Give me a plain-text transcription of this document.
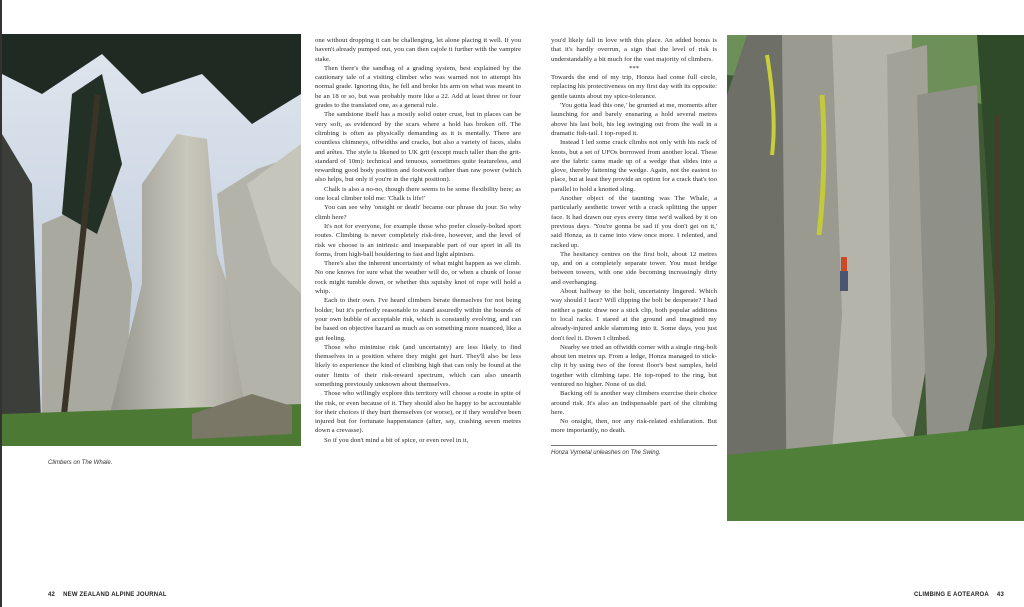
Climbers on The Whale.

one without dropping it can be challenging, let alone placing it well. If you haven't already pumped out, you can then cajole it further with the vampire stake.

Then there's the sandbag of a grading system, best explained by the cautionary tale of a visiting climber who was warned not to attempt his normal grade. Ignoring this, he fell and broke his arm on what was meant to be an 18 or so, but was probably more like a 22. Add at least three or four grades to the translated one, as a general rule.

The sandstone itself has a mostly solid outer crust, but in places can be very soft, as evidenced by the scars where a hold has broken off. The climbing is often as physically demanding as it is mentally. There are countless chimneys, offwidths and cracks, but also a variety of faces, slabs and arêtes. The style is likened to UK grit (except much taller than the grit-standard of 10m): technical and tenuous, sometimes quite featureless, and rewarding good body position and footwork rather than raw power (which also helps, but only if you're in the right position).

Chalk is also a no-no, though there seems to be some flexibility here; as one local climber told me: 'Chalk is life!'

You can see why 'onsight or death' became our phrase du jour. So why climb here?

It's not for everyone, for example those who prefer closely-bolted sport routes. Climbing is never completely risk-free, however, and the level of risk we choose is an intrinsic and inseparable part of our sport in all its forms, from high-ball bouldering to fast and light alpinism.

There's also the inherent uncertainty of what might happen as we climb. No one knows for sure what the weather will do, or when a chunk of loose rock might tumble down, or whether this squishy knot of rope will hold a whip.

Each to their own. I've heard climbers berate themselves for not being bolder, but it's perfectly reasonable to stand assuredly within the bounds of your own bubble of acceptable risk, which is constantly evolving, and can be based on objective hazard as much as on something more nuanced, like a gut feeling.

Those who minimise risk (and uncertainty) are less likely to find themselves in a position where they might get hurt. They'll also be less likely to experience the kind of climbing high that can only be found at the outer limits of their risk-reward spectrum, which can also unearth something previously unknown about themselves.

Those who willingly explore this territory will choose a route in spite of the risk, or even because of it. They should also be happy to be accountable for their choices if they hurt themselves (or worse), or if they would've been injured but for fortunate happenstance (after, say, crashing seven metres down a crevasse).

So if you don't mind a bit of spice, or even revel in it,

you'd likely fall in love with this place. An added bonus is that it's hardly overrun, a sign that the level of risk is understandably a bit much for the vast majority of climbers.

***

Towards the end of my trip, Honza had come full circle, replacing his protectiveness on my first day with its opposite: gentle taunts about my spice-tolerance.

'You gotta lead this one,' he grunted at me, moments after launching for and barely ensnaring a hold several metres above his last bolt, his leg swinging out from the wall in a dramatic fish-tail. I top-roped it.

Instead I led some crack climbs not only with his rack of knots, but a set of UFOs borrowed from another local. These are the fabric cams made up of a wedge that slides into a glove, thereby fattening the wedge. Again, not the easiest to place, but at least they provide an option for a crack that's too parallel to hold a knotted sling.

Another object of the taunting was The Whale, a particularly aesthetic tower with a crack splitting the upper face. It had drawn our eyes every time we'd walked by it on previous days. 'You're gonna be sad if you don't get on it,' said Honza, as it came into view once more. I relented, and racked up.

The hesitancy centres on the first bolt, about 12 metres up, and on a completely separate tower. You must bridge between towers, with one side becoming increasingly dirty and overhanging.

About halfway to the bolt, uncertainty lingered. Which way should I face? Will clipping the bolt be desperate? I had neither a panic draw nor a stick clip, both popular additions to local racks. I stared at the ground and imagined my already-injured ankle slamming into it. Some days, you just don't feel it. Down I climbed.

Nearby we tried an offwidth corner with a single ring-bolt about ten metres up. From a ledge, Honza managed to stick-clip it by using two of the forest floor's best samples, held together with climbing tape. He top-roped to the ring, but ventured no higher. None of us did.

Backing off is another way climbers exercise their choice around risk. It's also an indispensable part of the climbing here.

No onsight, then, nor any risk-related exhilaration. But more importantly, no death.

Honza Vymetal unleashes on The Swing.
42 NEW ZEALAND ALPINE JOURNAL	CLIMBING E AOTEAROA 43
